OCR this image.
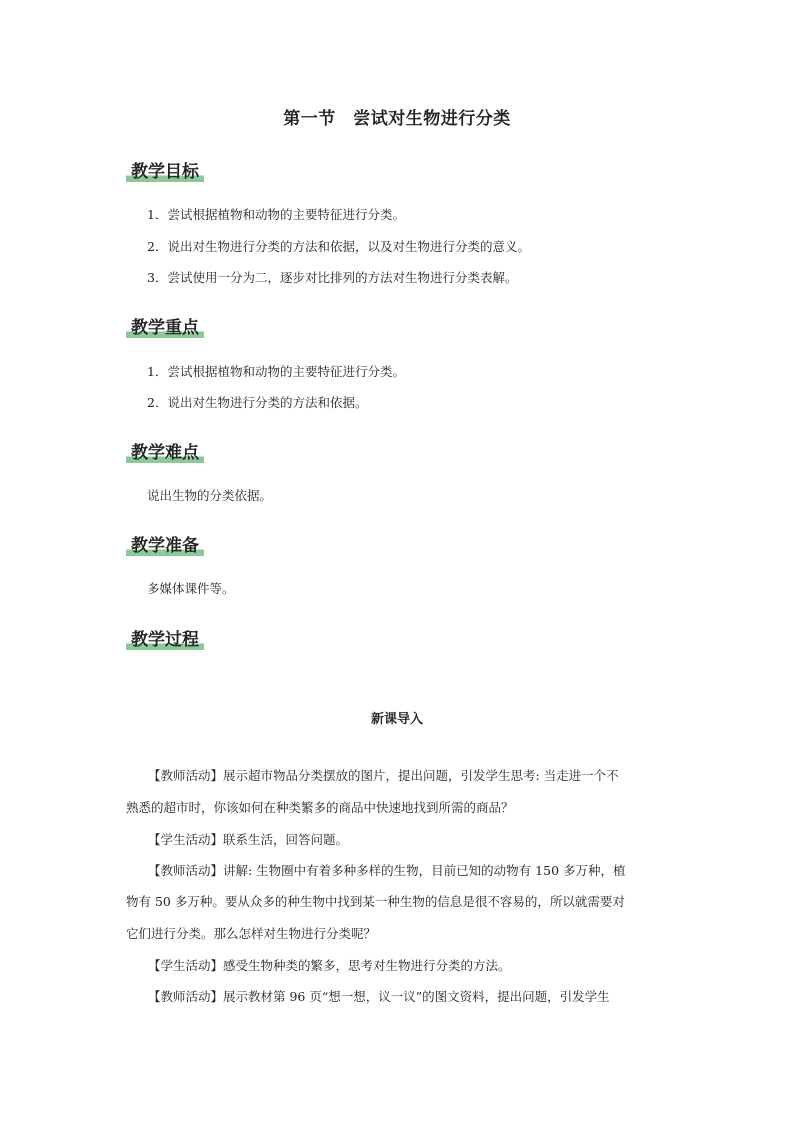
第一节　尝试对生物进行分类
教学目标
1．尝试根据植物和动物的主要特征进行分类。
2．说出对生物进行分类的方法和依据，以及对生物进行分类的意义。
3．尝试使用一分为二，逐步对比排列的方法对生物进行分类表解。
教学重点
1．尝试根据植物和动物的主要特征进行分类。
2．说出对生物进行分类的方法和依据。
教学难点
说出生物的分类依据。
教学准备
多媒体课件等。
教学过程
新课导入
【教师活动】展示超市物品分类摆放的图片，提出问题，引发学生思考: 当走进一个不
熟悉的超市时，你该如何在种类繁多的商品中快速地找到所需的商品？
【学生活动】联系生活，回答问题。
【教师活动】讲解: 生物圈中有着多种多样的生物，目前已知的动物有 150 多万种，植
物有 50 多万种。要从众多的种生物中找到某一种生物的信息是很不容易的，所以就需要对
它们进行分类。那么怎样对生物进行分类呢？
【学生活动】感受生物种类的繁多，思考对生物进行分类的方法。
【教师活动】展示教材第 96 页“想一想，议一议”的图文资料，提出问题，引发学生
